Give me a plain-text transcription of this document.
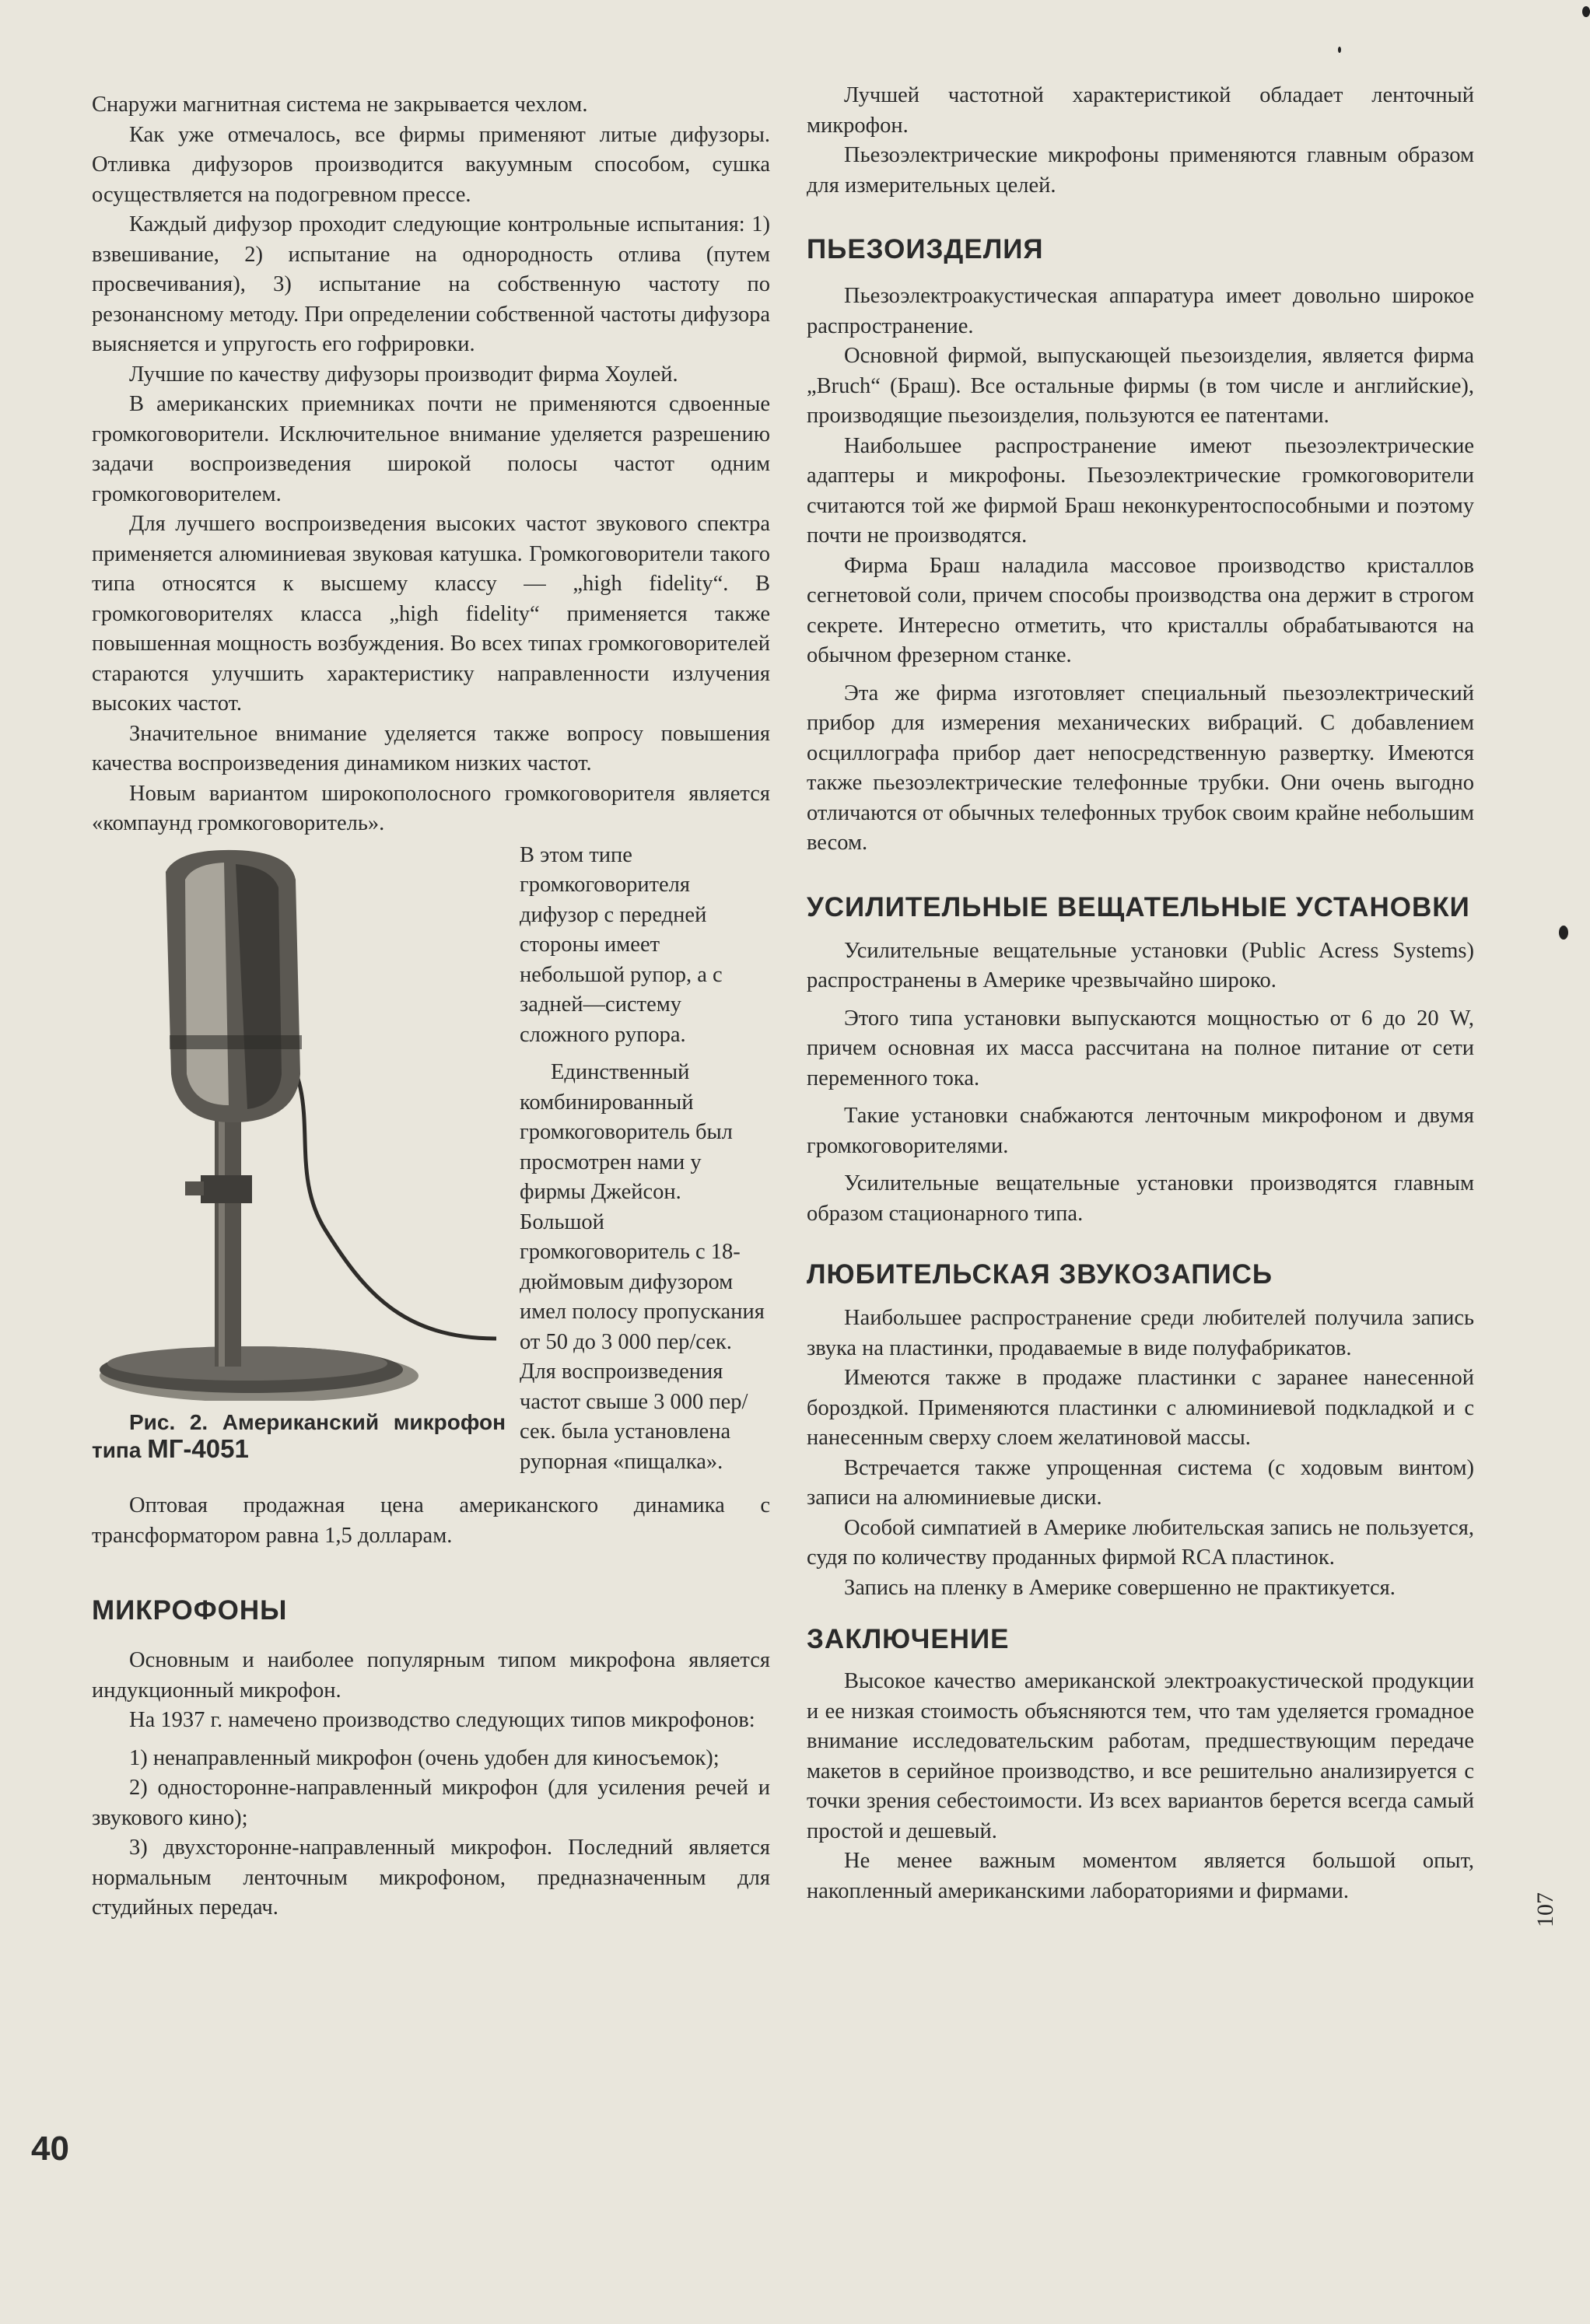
Снаружи магнитная система не закрывается чехлом.

Как уже отмечалось, все фирмы применяют литые дифузоры. Отливка дифузоров производится вакуумным способом, сушка осуществляется на подогревном прессе.

Каждый дифузор проходит следующие контрольные испытания: 1) взвешивание, 2) испытание на однородность отлива (путем просвечивания), 3) испытание на собственную частоту по резонансному методу. При определении собственной частоты дифузора выясняется и упругость его гофрировки.

Лучшие по качеству дифузоры производит фирма Хоулей.

В американских приемниках почти не применяются сдвоенные громкоговорители. Исключительное внимание уделяется разрешению задачи воспроизведения широкой полосы частот одним громкоговорителем.

Для лучшего воспроизведения высоких частот звукового спектра применяется алюминиевая звуковая катушка. Громкоговорители такого типа относятся к высшему классу — „high fidelity“. В громкоговорителях класса „high fidelity“ применяется также повышенная мощность возбуждения. Во всех типах громкоговорителей стараются улучшить характеристику направленности излучения высоких частот.

Значительное внимание уделяется также вопросу повышения качества воспроизведения динамиком низких частот.

Новым вариантом широкополосного громкоговорителя является «компаунд громкоговоритель».

Рис. 2. Американский микрофон типа МГ-4051

В этом типе громкоговорителя дифузор с передней стороны имеет небольшой рупор, а с задней—систему сложного рупора.

Единственный комбинированный громкоговоритель был просмотрен нами у фирмы Джейсон. Большой громкоговоритель с 18-дюймовым дифузором имел полосу пропускания от 50 до 3 000 пер/сек. Для воспроизведения частот свыше 3 000 пер/сек. была установлена рупорная «пищалка».

Оптовая продажная цена американского динамика с трансформатором равна 1,5 долларам.

МИКРОФОНЫ

Основным и наиболее популярным типом микрофона является индукционный микрофон.

На 1937 г. намечено производство следующих типов микрофонов:

1) ненаправленный микрофон (очень удобен для киносъемок);

2) односторонне-направленный микрофон (для усиления речей и звукового кино);

3) двухсторонне-направленный микрофон. Последний является нормальным ленточным микрофоном, предназначенным для студийных передач.

Лучшей частотной характеристикой обладает ленточный микрофон.

Пьезоэлектрические микрофоны применяются главным образом для измерительных целей.

ПЬЕЗОИЗДЕЛИЯ

Пьезоэлектроакустическая аппаратура имеет довольно широкое распространение.

Основной фирмой, выпускающей пьезоизделия, является фирма „Bruch“ (Браш). Все остальные фирмы (в том числе и английские), производящие пьезоизделия, пользуются ее патентами.

Наибольшее распространение имеют пьезоэлектрические адаптеры и микрофоны. Пьезоэлектрические громкоговорители считаются той же фирмой Браш неконкурентоспособными и поэтому почти не производятся.

Фирма Браш наладила массовое производство кристаллов сегнетовой соли, причем способы производства она держит в строгом секрете. Интересно отметить, что кристаллы обрабатываются на обычном фрезерном станке.

Эта же фирма изготовляет специальный пьезоэлектрический прибор для измерения механических вибраций. С добавлением осциллографа прибор дает непосредственную развертку. Имеются также пьезоэлектрические телефонные трубки. Они очень выгодно отличаются от обычных телефонных трубок своим крайне небольшим весом.

УСИЛИТЕЛЬНЫЕ ВЕЩАТЕЛЬНЫЕ УСТАНОВКИ

Усилительные вещательные установки (Public Acress Systems) распространены в Америке чрезвычайно широко.

Этого типа установки выпускаются мощностью от 6 до 20 W, причем основная их масса рассчитана на полное питание от сети переменного тока.

Такие установки снабжаются ленточным микрофоном и двумя громкоговорителями.

Усилительные вещательные установки производятся главным образом стационарного типа.

ЛЮБИТЕЛЬСКАЯ ЗВУКОЗАПИСЬ

Наибольшее распространение среди любителей получила запись звука на пластинки, продаваемые в виде полуфабрикатов.

Имеются также в продаже пластинки с заранее нанесенной бороздкой. Применяются пластинки с алюминиевой подкладкой и с нанесенным сверху слоем желатиновой массы.

Встречается также упрощенная система (с ходовым винтом) записи на алюминиевые диски.

Особой симпатией в Америке любительская запись не пользуется, судя по количеству проданных фирмой RCA пластинок.

Запись на пленку в Америке совершенно не практикуется.

ЗАКЛЮЧЕНИЕ

Высокое качество американской электроакустической продукции и ее низкая стоимость объясняются тем, что там уделяется громадное внимание исследовательским работам, предшествующим передаче макетов в серийное производство, и все решительно анализируется с точки зрения себестоимости. Из всех вариантов берется всегда самый простой и дешевый.

Не менее важным моментом является большой опыт, накопленный американскими лабораториями и фирмами.

40
107
